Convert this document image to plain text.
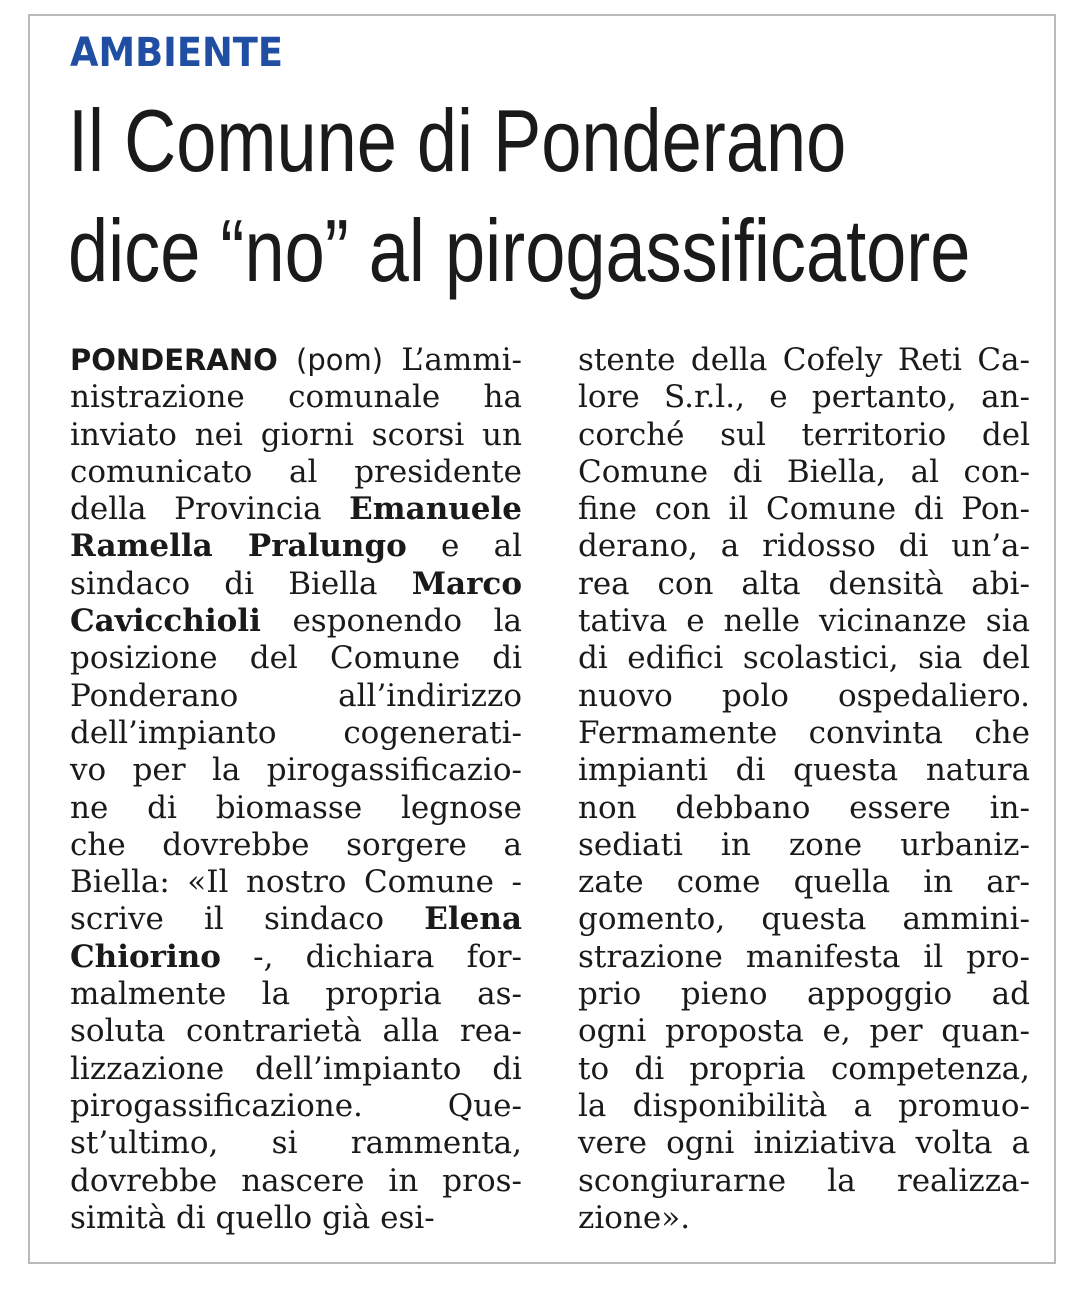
AMBIENTE
Il Comune di Ponderano
dice “no” al pirogassificatore
PONDERANO (pom) L’ammi-
nistrazione comunale ha
inviato nei giorni scorsi un
comunicato al presidente
della Provincia Emanuele
Ramella Pralungo e al
sindaco di Biella Marco
Cavicchioli esponendo la
posizione del Comune di
Ponderano all’indirizzo
dell’impianto cogenerati-
vo per la pirogassificazio-
ne di biomasse legnose
che dovrebbe sorgere a
Biella: «Il nostro Comune -
scrive il sindaco Elena
Chiorino -, dichiara for-
malmente la propria as-
soluta contrarietà alla rea-
lizzazione dell’impianto di
pirogassificazione. Que-
st’ultimo, si rammenta,
dovrebbe nascere in pros-
simità di quello già esi-
stente della Cofely Reti Ca-
lore S.r.l., e pertanto, an-
corché sul territorio del
Comune di Biella, al con-
fine con il Comune di Pon-
derano, a ridosso di un’a-
rea con alta densità abi-
tativa e nelle vicinanze sia
di edifici scolastici, sia del
nuovo polo ospedaliero.
Fermamente convinta che
impianti di questa natura
non debbano essere in-
sediati in zone urbaniz-
zate come quella in ar-
gomento, questa ammini-
strazione manifesta il pro-
prio pieno appoggio ad
ogni proposta e, per quan-
to di propria competenza,
la disponibilità a promuo-
vere ogni iniziativa volta a
scongiurarne la realizza-
zione».
